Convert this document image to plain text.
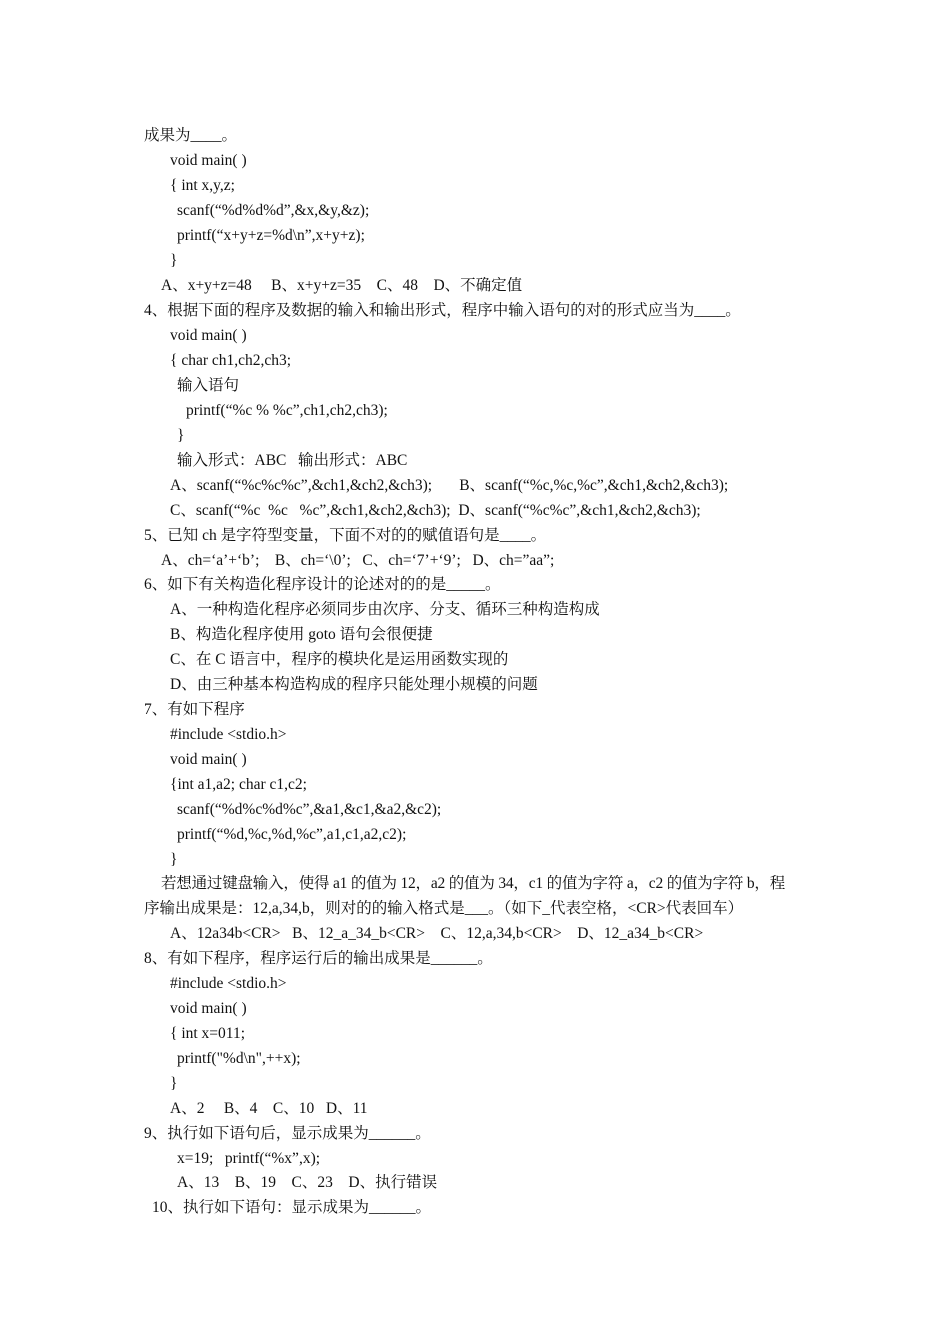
成果为____。
void main( )
{ int x,y,z;
scanf(“%d%d%d”,&x,&y,&z);
printf(“x+y+z=%d\n”,x+y+z);
}
A、x+y+z=48     B、x+y+z=35    C、48    D、不确定值
4、根据下面的程序及数据的输入和输出形式，程序中输入语句的对的形式应当为____。
void main( )
{ char ch1,ch2,ch3;
输入语句
printf(“%c % %c”,ch1,ch2,ch3);
}
输入形式：ABC   输出形式：ABC
A、scanf(“%c%c%c”,&ch1,&ch2,&ch3);       B、scanf(“%c,%c,%c”,&ch1,&ch2,&ch3);
C、scanf(“%c  %c   %c”,&ch1,&ch2,&ch3);  D、scanf(“%c%c”,&ch1,&ch2,&ch3);
5、已知 ch 是字符型变量，下面不对的的赋值语句是____。
A、ch=‘a’+‘b’;    B、ch=‘\0’;   C、ch=‘7’+‘9’;   D、ch=”aa”;
6、如下有关构造化程序设计的论述对的的是_____。
A、一种构造化程序必须同步由次序、分支、循环三种构造构成
B、构造化程序使用 goto 语句会很便捷
C、在 C 语言中，程序的模块化是运用函数实现的
D、由三种基本构造构成的程序只能处理小规模的问题
7、有如下程序
#include <stdio.h>
void main( )
{int a1,a2; char c1,c2;
scanf(“%d%c%d%c”,&a1,&c1,&a2,&c2);
printf(“%d,%c,%d,%c”,a1,c1,a2,c2);
}
若想通过键盘输入，使得 a1 的值为 12，a2 的值为 34，c1 的值为字符 a，c2 的值为字符 b，程
序输出成果是：12,a,34,b，则对的的输入格式是___。（如下_代表空格，<CR>代表回车）
A、12a34b<CR>   B、12_a_34_b<CR>    C、12,a,34,b<CR>    D、12_a34_b<CR>
8、有如下程序，程序运行后的输出成果是______。
#include <stdio.h>
void main( )
{ int x=011;
printf("%d\n",++x);
}
A、2     B、4    C、10   D、11
9、执行如下语句后，显示成果为______。
x=19;   printf(“%x”,x);
A、13    B、19    C、23    D、执行错误
10、执行如下语句：显示成果为______。
